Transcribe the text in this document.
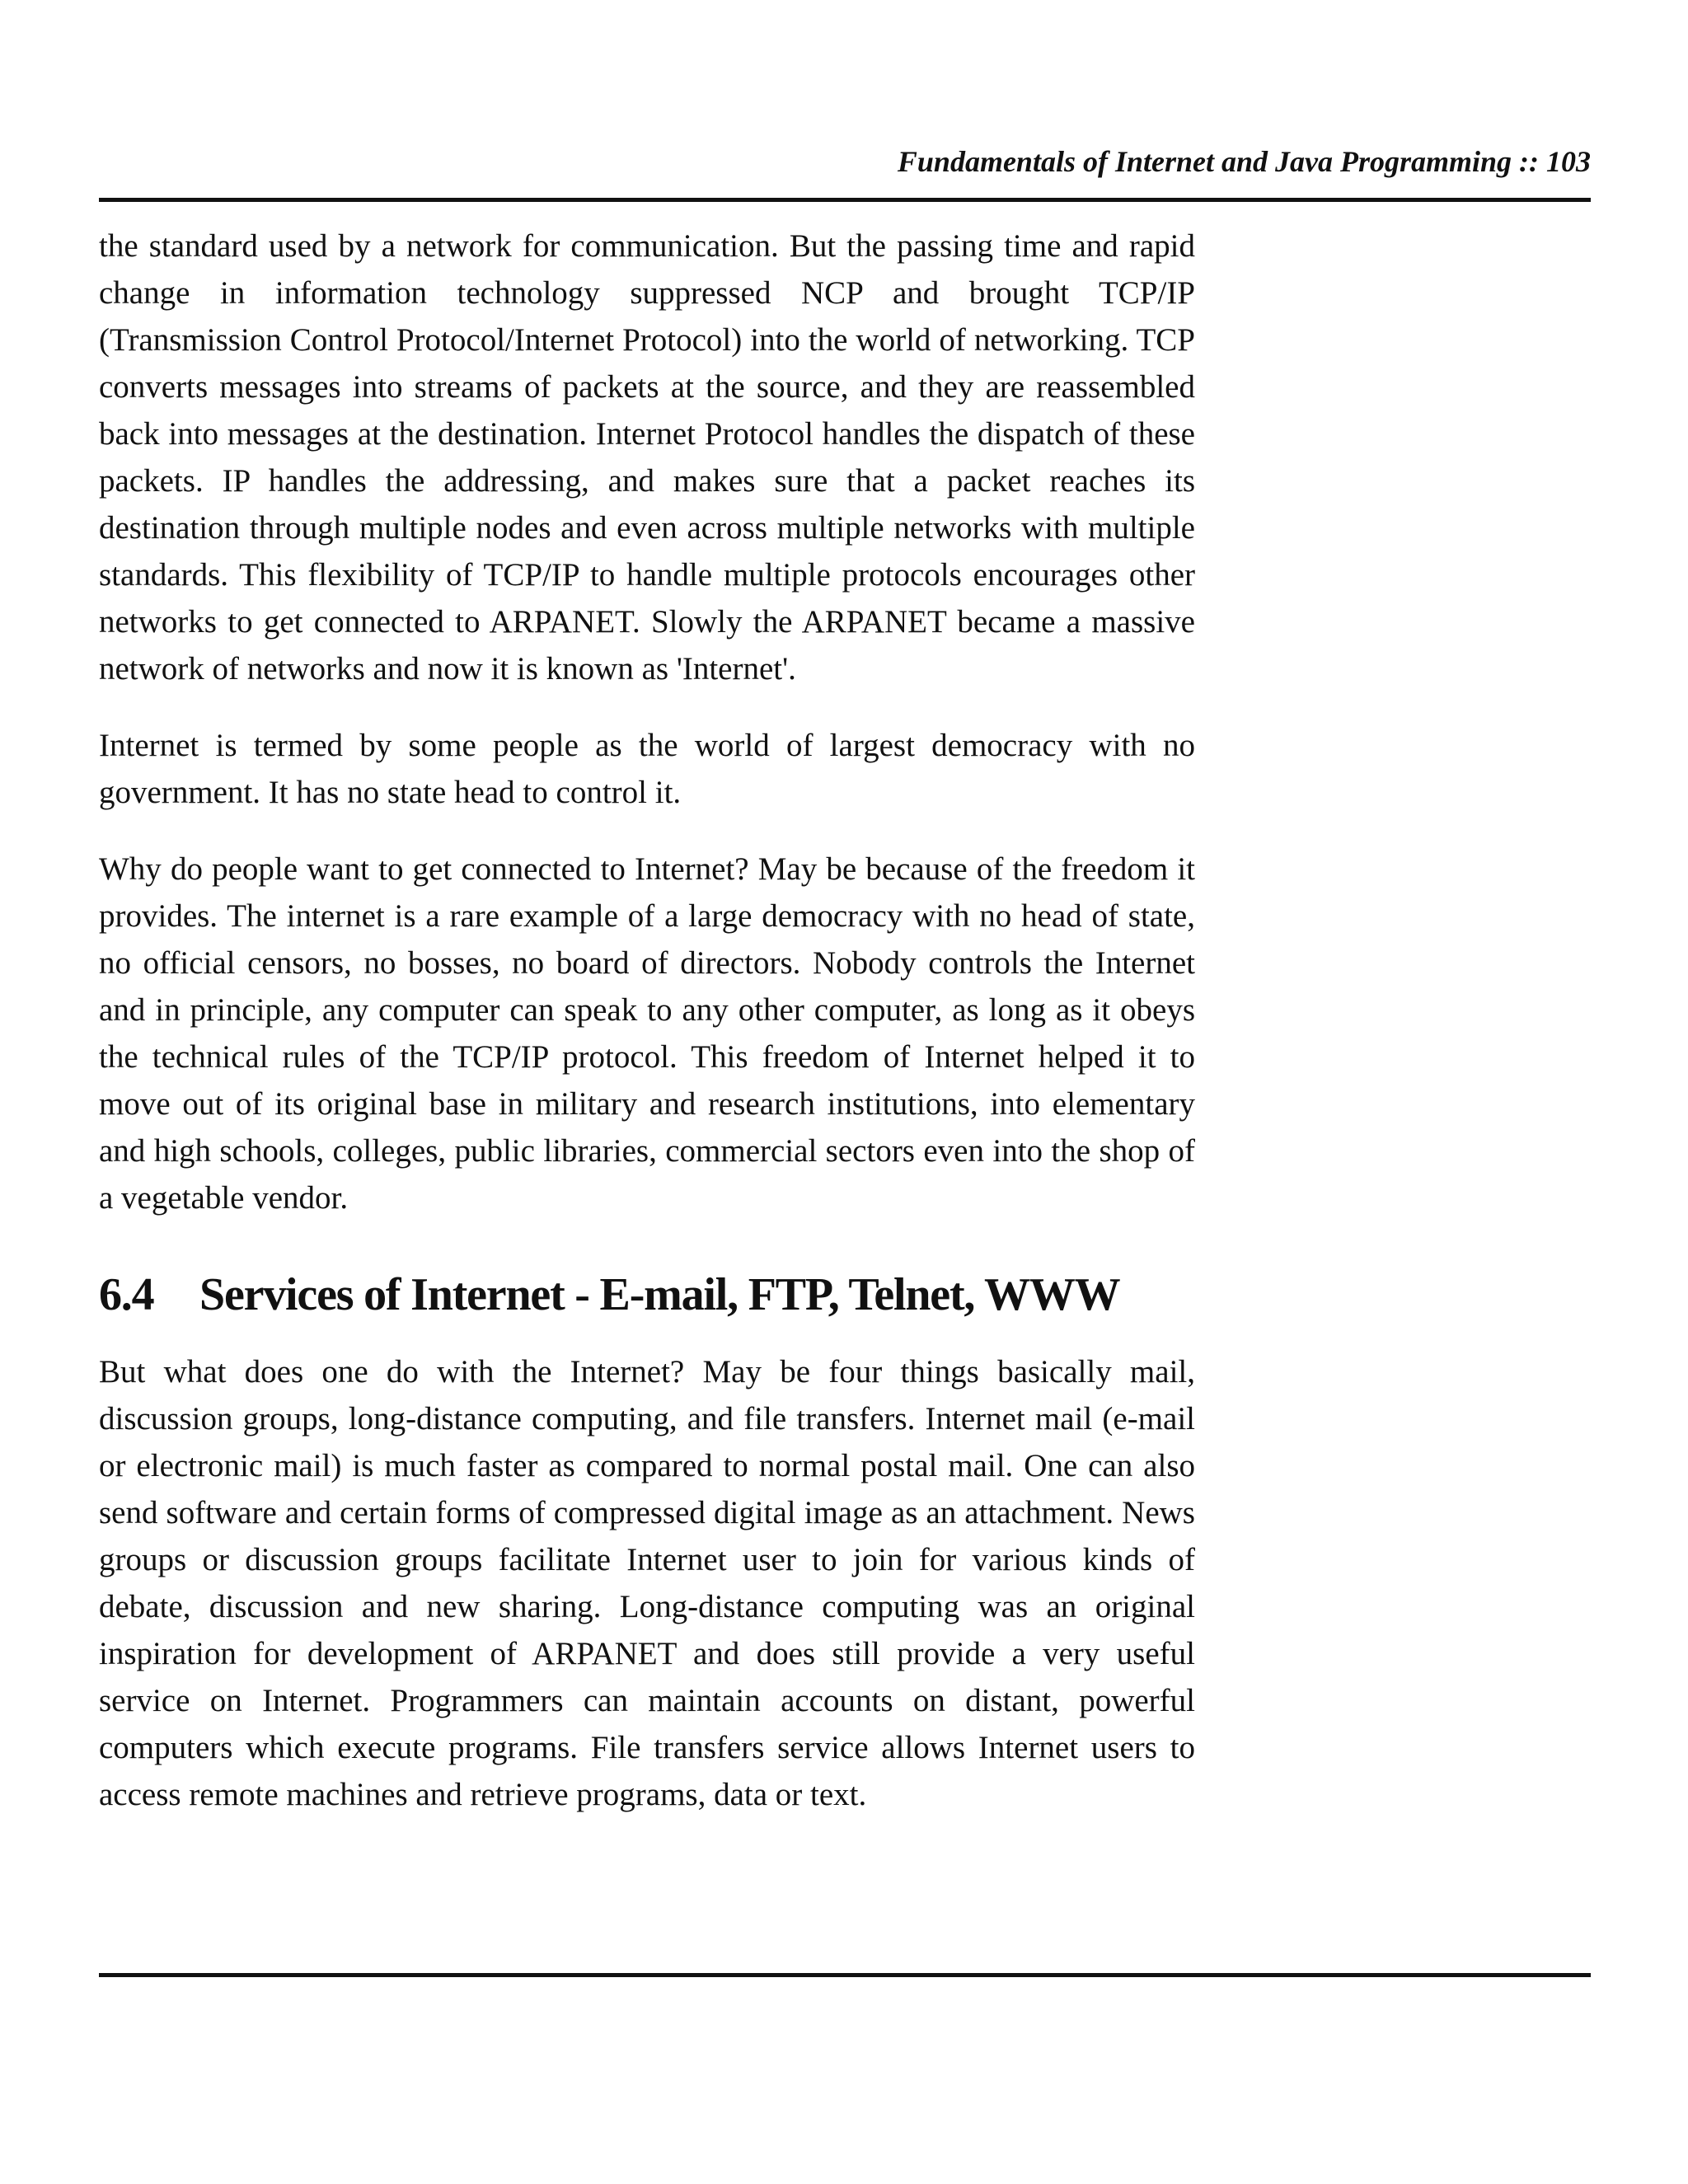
Fundamentals of Internet and Java Programming :: 103

the standard used by a network for communication. But the passing time and rapid change in information technology suppressed NCP and brought TCP/IP (Transmission Control Protocol/Internet Protocol) into the world of networking. TCP converts messages into streams of packets at the source, and they are reassembled back into messages at the destination. Internet Protocol handles the dispatch of these packets. IP handles the addressing, and makes sure that a packet reaches its destination through multiple nodes and even across multiple networks with multiple standards. This flexibility of TCP/IP to handle multiple protocols encourages other networks to get connected to ARPANET. Slowly the ARPANET became a massive network of networks and now it is known as 'Internet'.

Internet is termed by some people as the world of largest democracy with no government. It has no state head to control it.

Why do people want to get connected to Internet? May be because of the freedom it provides. The internet is a rare example of a large democracy with no head of state, no official censors, no bosses, no board of directors. Nobody controls the Internet and in principle, any computer can speak to any other computer, as long as it obeys the technical rules of the TCP/IP protocol. This freedom of Internet helped it to move out of its original base in military and research institutions, into elementary and high schools, colleges, public libraries, commercial sectors even into the shop of a vegetable vendor.

6.4 Services of Internet - E-mail, FTP, Telnet, WWW

But what does one do with the Internet? May be four things basically mail, discussion groups, long-distance computing, and file transfers. Internet mail (e-mail or electronic mail) is much faster as compared to normal postal mail. One can also send software and certain forms of compressed digital image as an attachment. News groups or discussion groups facilitate Internet user to join for various kinds of debate, discussion and new sharing. Long-distance computing was an original inspiration for development of ARPANET and does still provide a very useful service on Internet. Programmers can maintain accounts on distant, powerful computers which execute programs. File transfers service allows Internet users to access remote machines and retrieve programs, data or text.
